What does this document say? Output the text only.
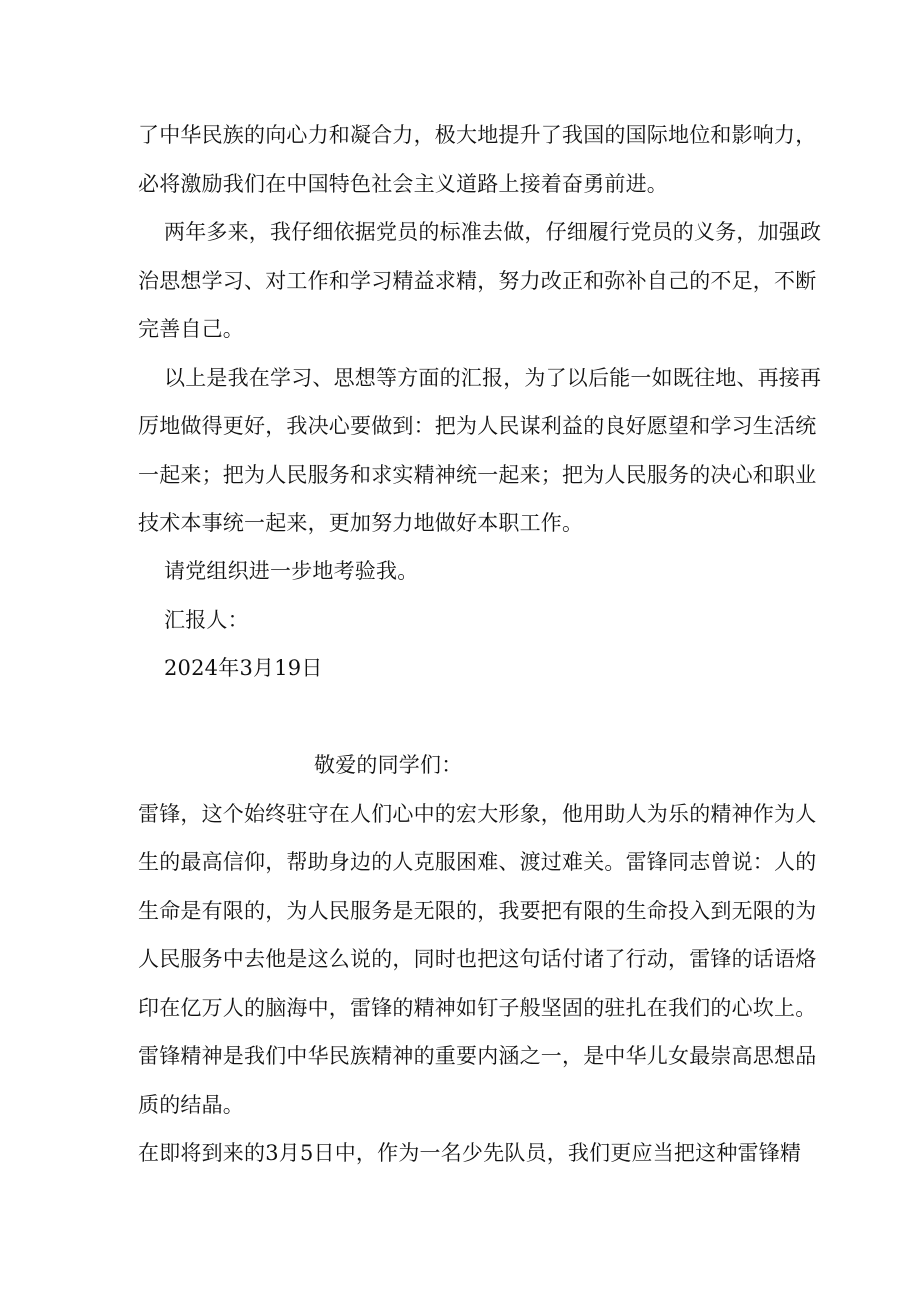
了中华民族的向心力和凝合力，极大地提升了我国的国际地位和影响力，
必将激励我们在中国特色社会主义道路上接着奋勇前进。
两年多来，我仔细依据党员的标准去做，仔细履行党员的义务，加强政
治思想学习、对工作和学习精益求精，努力改正和弥补自己的不足，不断
完善自己。
以上是我在学习、思想等方面的汇报，为了以后能一如既往地、再接再
厉地做得更好，我决心要做到：把为人民谋利益的良好愿望和学习生活统
一起来；把为人民服务和求实精神统一起来；把为人民服务的决心和职业
技术本事统一起来，更加努力地做好本职工作。
请党组织进一步地考验我。
汇报人：
2024年3月19日
敬爱的同学们：
雷锋，这个始终驻守在人们心中的宏大形象，他用助人为乐的精神作为人
生的最高信仰，帮助身边的人克服困难、渡过难关。雷锋同志曾说：人的
生命是有限的，为人民服务是无限的，我要把有限的生命投入到无限的为
人民服务中去他是这么说的，同时也把这句话付诸了行动，雷锋的话语烙
印在亿万人的脑海中，雷锋的精神如钉子般坚固的驻扎在我们的心坎上。
雷锋精神是我们中华民族精神的重要内涵之一，是中华儿女最崇高思想品
质的结晶。
在即将到来的3月5日中，作为一名少先队员，我们更应当把这种雷锋精
